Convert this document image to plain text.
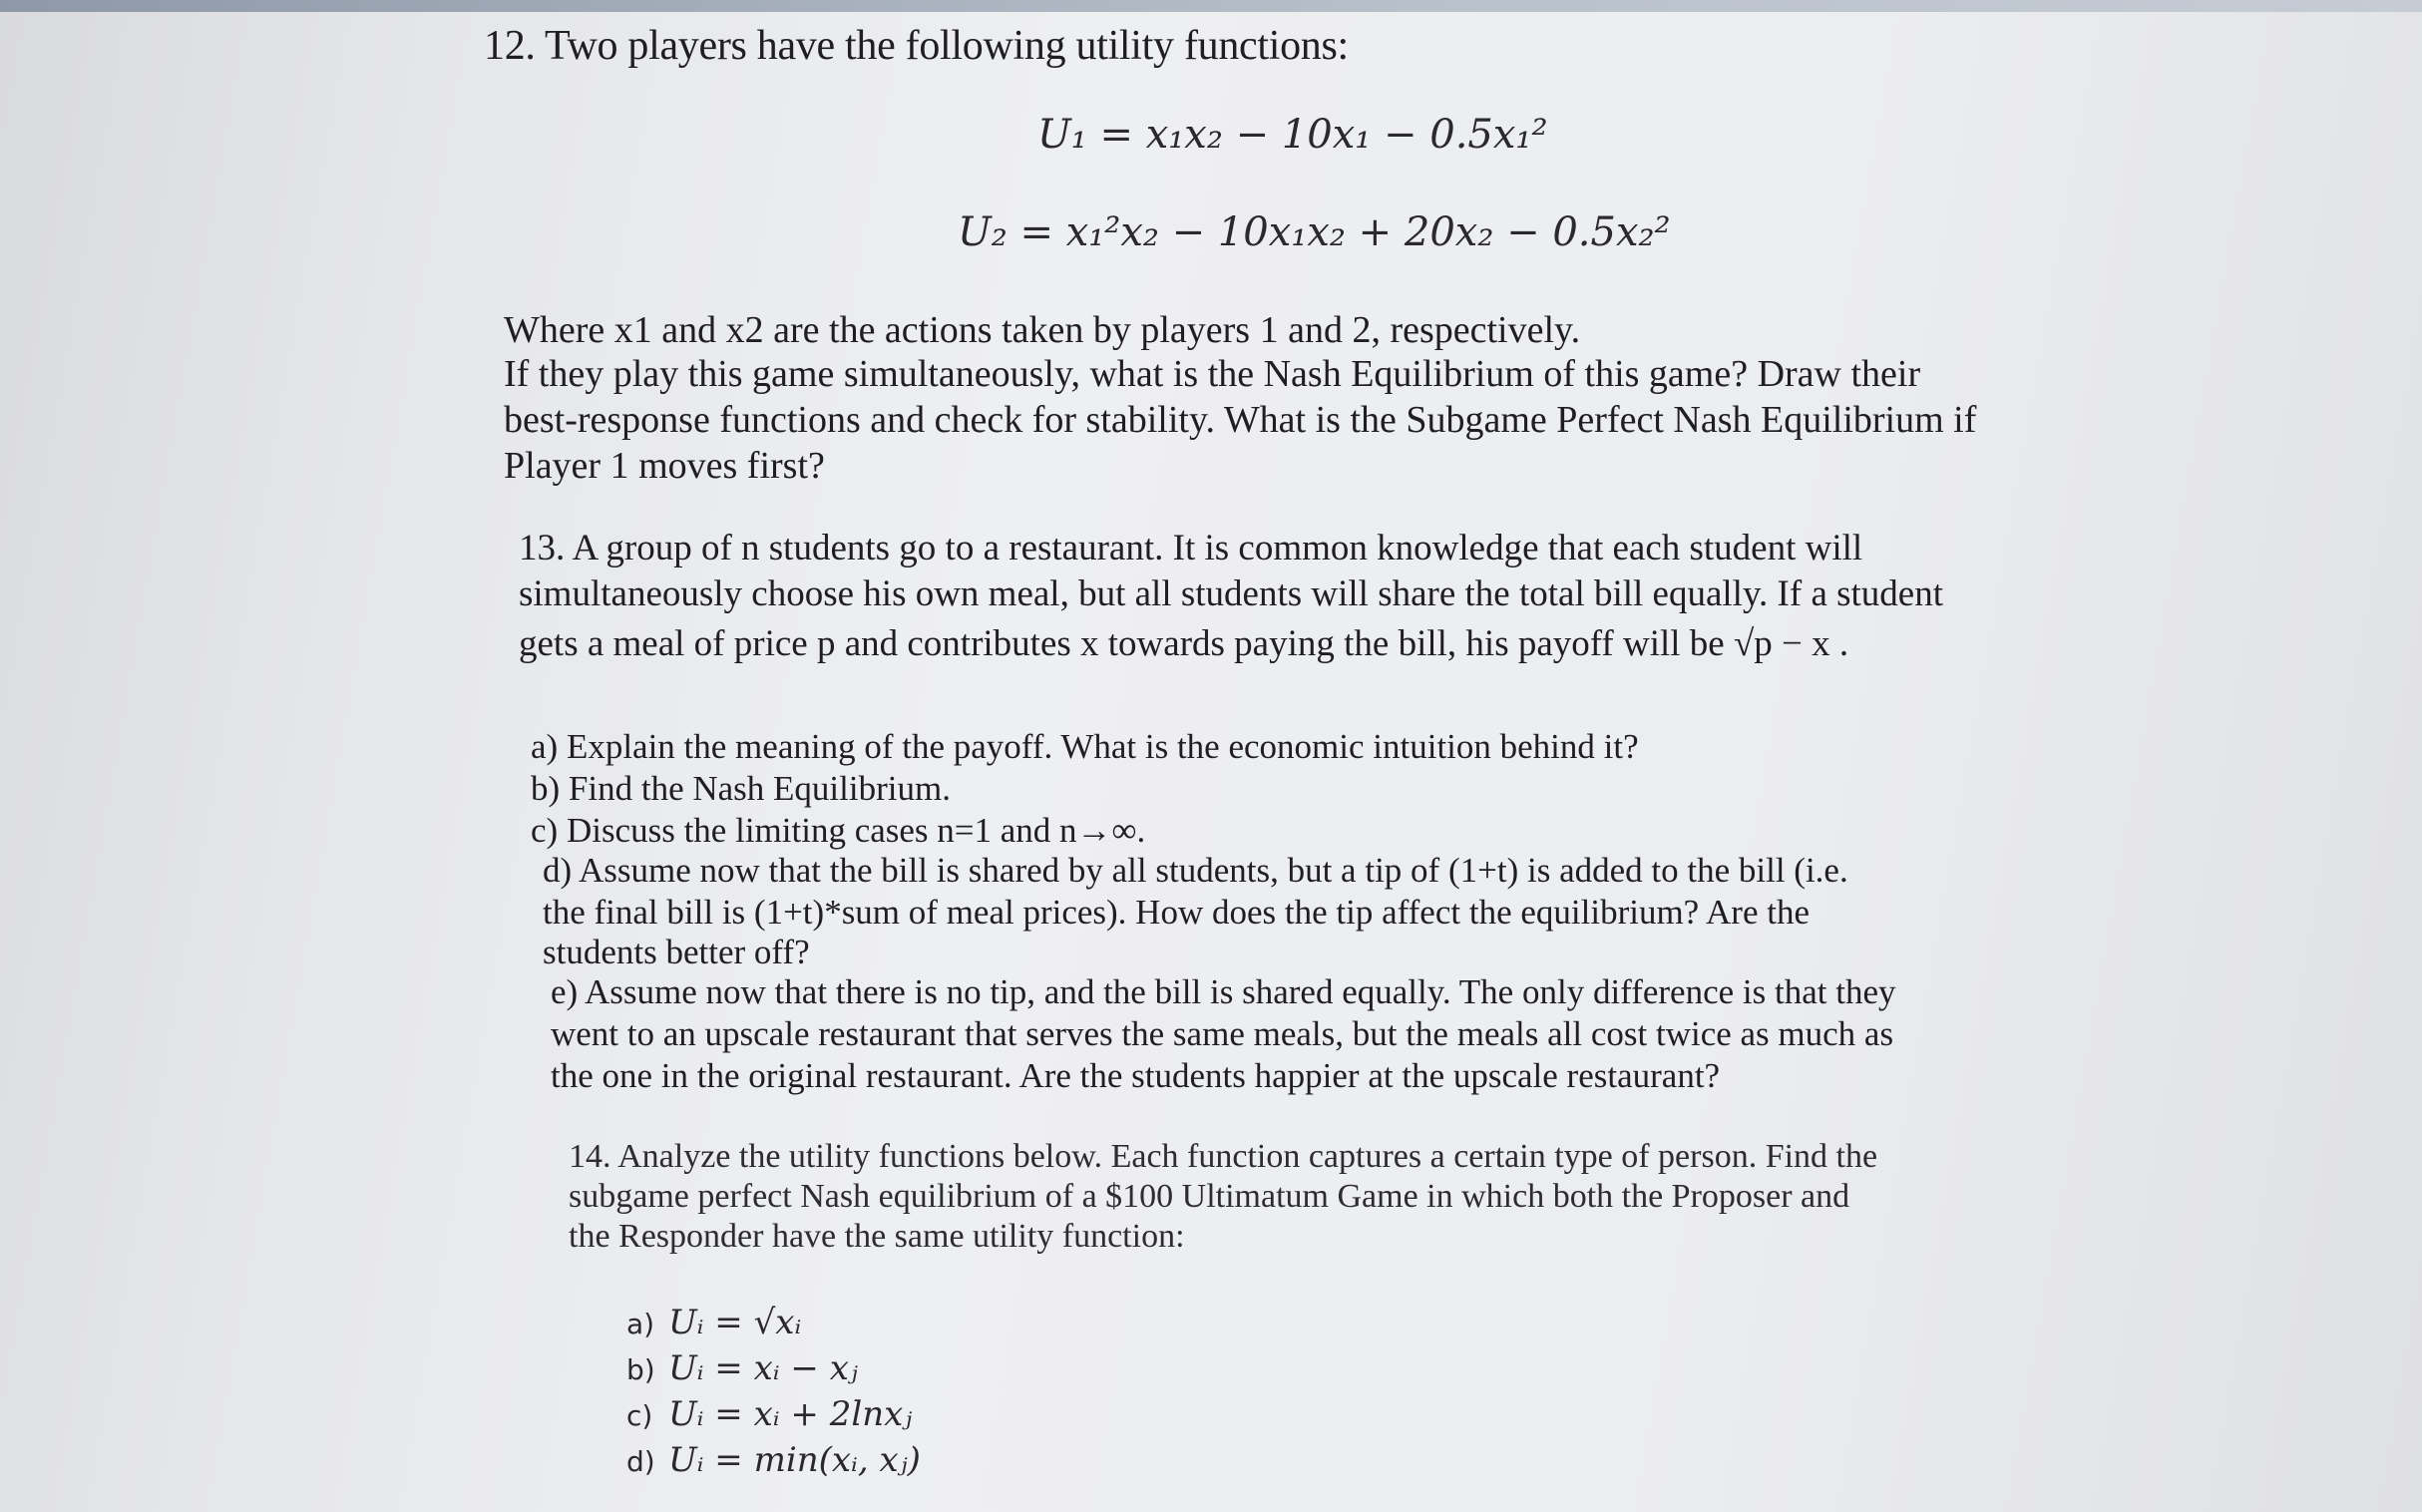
12. Two players have the following utility functions:
U₁ = x₁x₂ − 10x₁ − 0.5x₁²
U₂ = x₁²x₂ − 10x₁x₂ + 20x₂ − 0.5x₂²
Where x1 and x2 are the actions taken by players 1 and 2, respectively.
If they play this game simultaneously, what is the Nash Equilibrium of this game? Draw their
best-response functions and check for stability. What is the Subgame Perfect Nash Equilibrium if
Player 1 moves first?
13. A group of n students go to a restaurant. It is common knowledge that each student will
simultaneously choose his own meal, but all students will share the total bill equally. If a student
gets a meal of price p and contributes x towards paying the bill, his payoff will be √p − x .
a) Explain the meaning of the payoff. What is the economic intuition behind it?
b) Find the Nash Equilibrium.
c) Discuss the limiting cases n=1 and n→∞.
d) Assume now that the bill is shared by all students, but a tip of (1+t) is added to the bill (i.e.
the final bill is (1+t)*sum of meal prices). How does the tip affect the equilibrium? Are the
students better off?
e) Assume now that there is no tip, and the bill is shared equally. The only difference is that they
went to an upscale restaurant that serves the same meals, but the meals all cost twice as much as
the one in the original restaurant. Are the students happier at the upscale restaurant?
14. Analyze the utility functions below. Each function captures a certain type of person. Find the
subgame perfect Nash equilibrium of a $100 Ultimatum Game in which both the Proposer and
the Responder have the same utility function:
a) Uᵢ = √xᵢ
b) Uᵢ = xᵢ − xⱼ
c) Uᵢ = xᵢ + 2lnxⱼ
d) Uᵢ = min(xᵢ, xⱼ)
